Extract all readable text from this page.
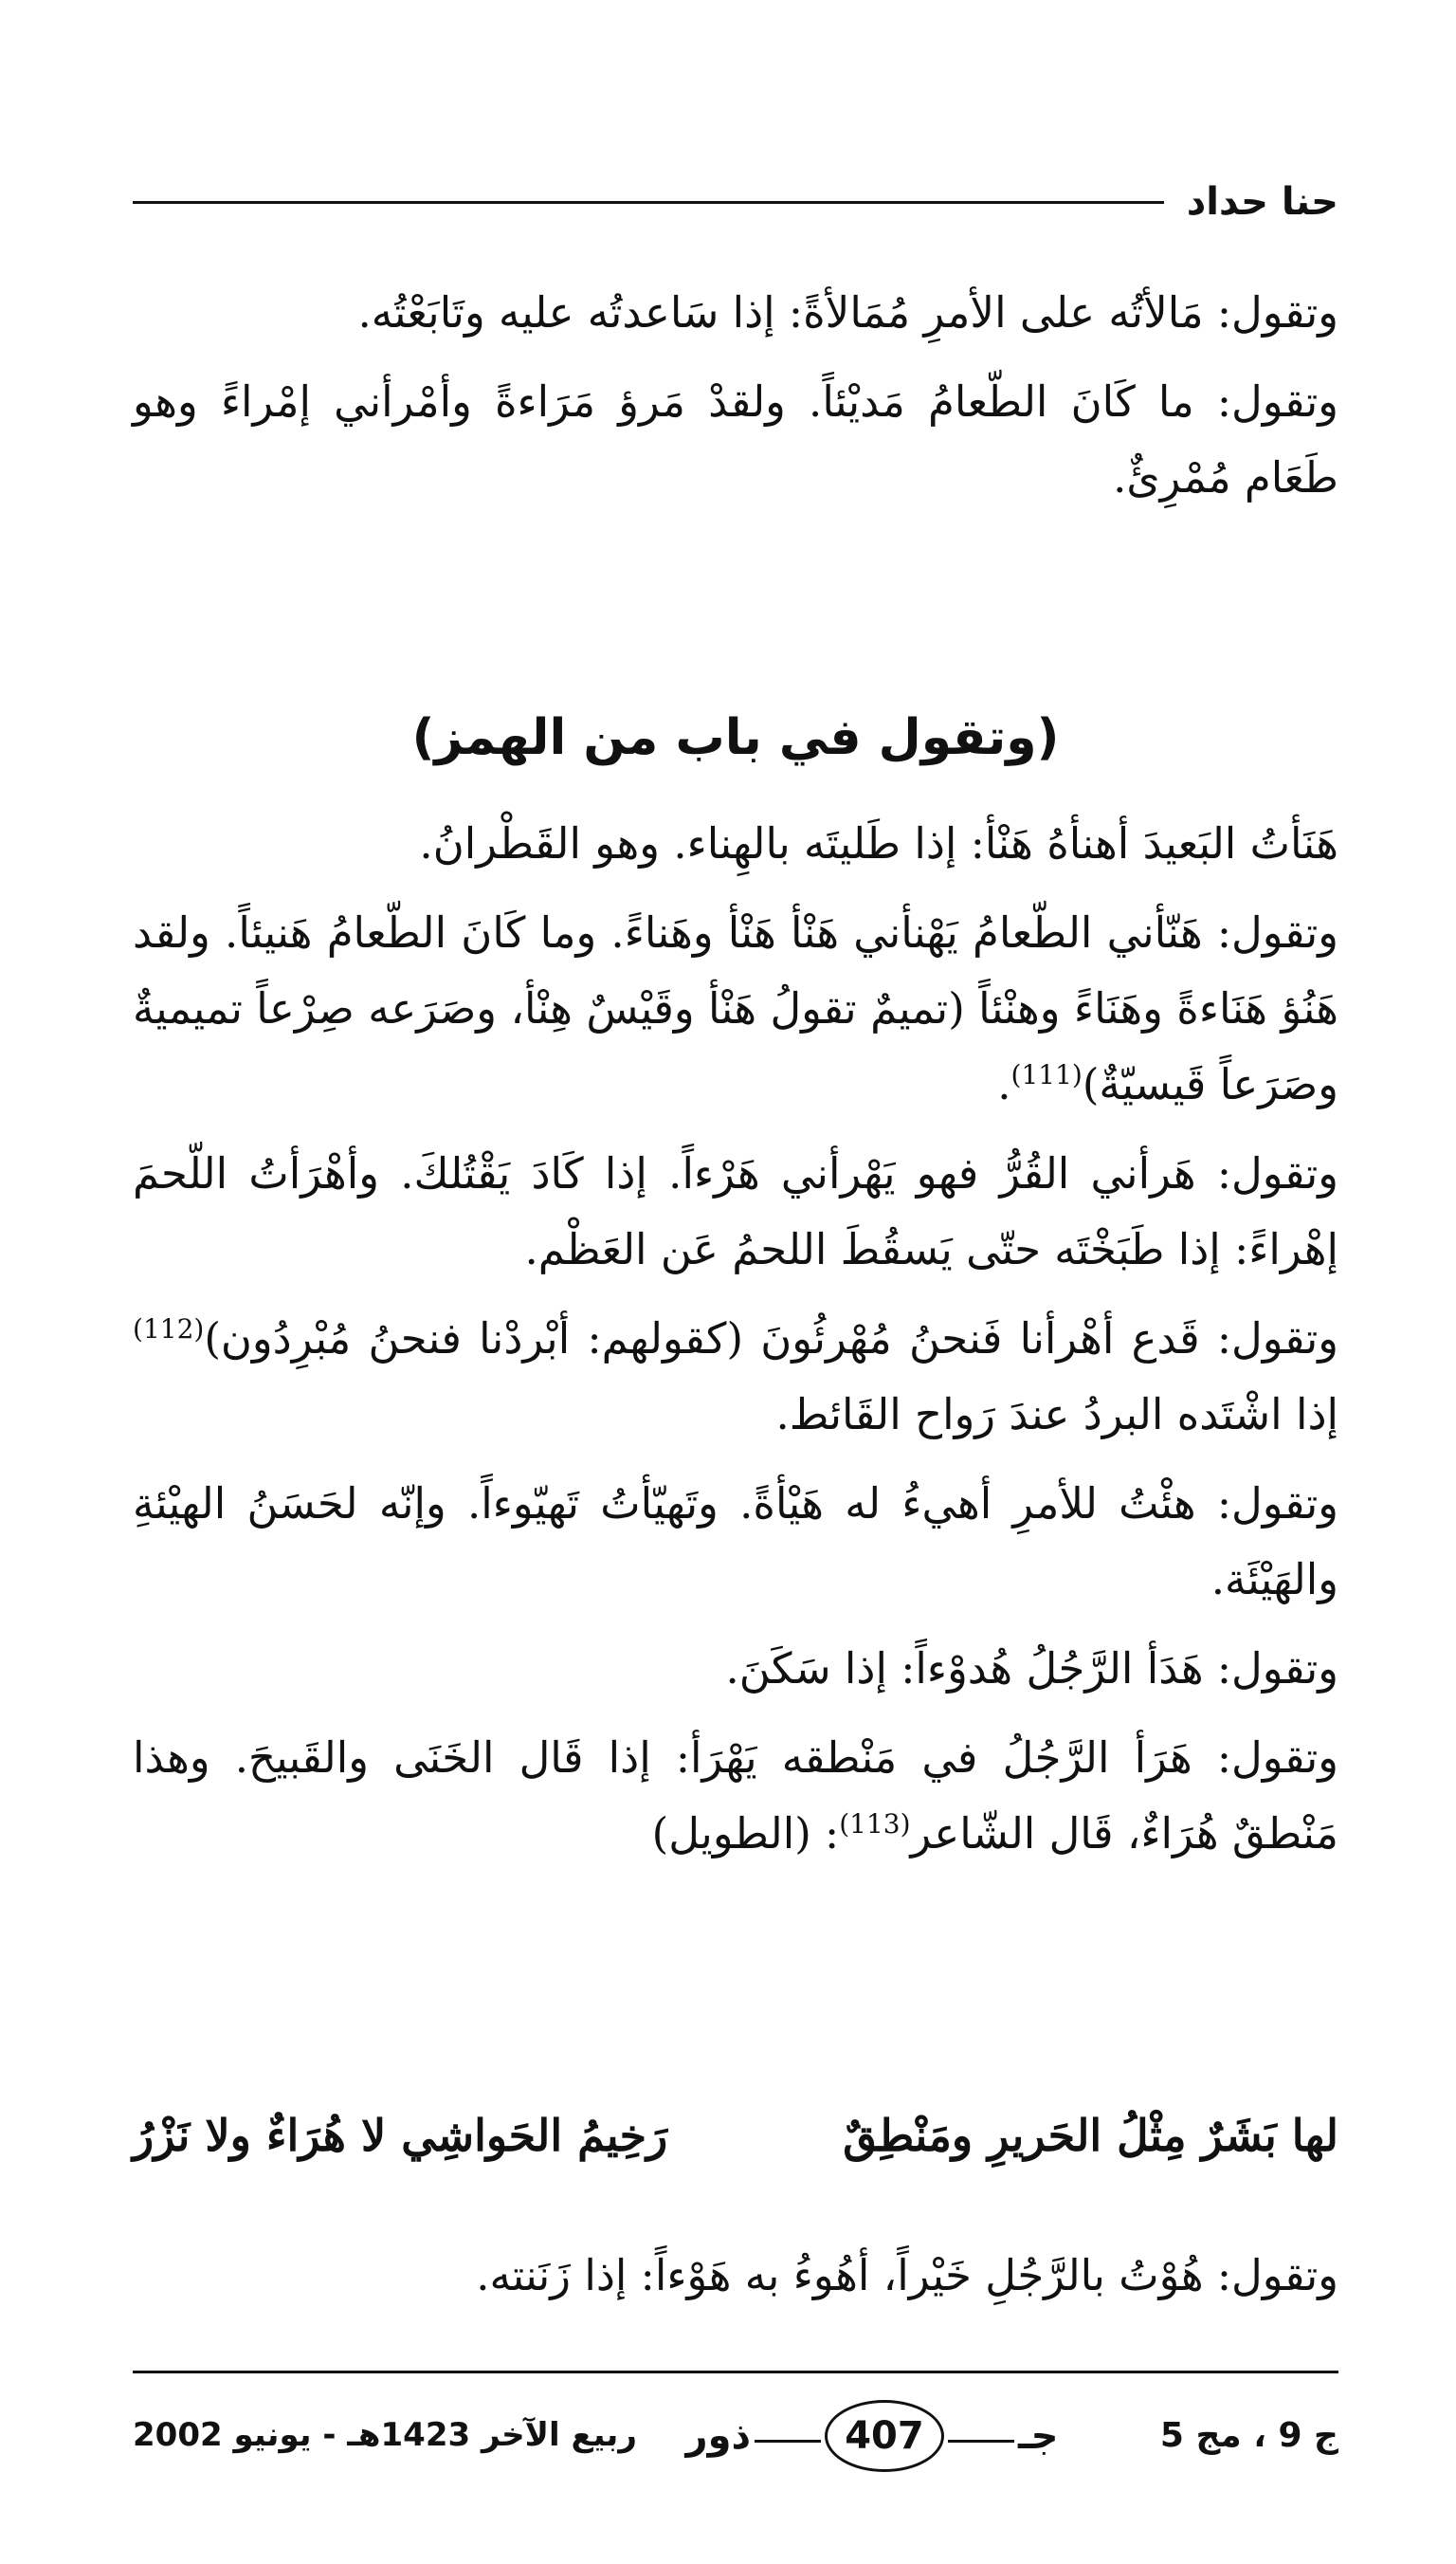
حنا حداد

وتقول: مَالأتُه على الأمرِ مُمَالأةً: إذا سَاعدتُه عليه وتَابَعْتُه.

وتقول: ما كَانَ الطّعامُ مَديْئاً. ولقدْ مَرؤ مَرَاءةً وأمْرأني إمْراءً وهو طَعَام مُمْرِئٌ.

(وتقول في باب من الهمز)

هَنَأتُ البَعيدَ أهنأهُ هَنْأ: إذا طَليتَه بالهِناء. وهو القَطْرانُ.

وتقول: هَنّأني الطّعامُ يَهْنأني هَنْأ هَنْأ وهَناءً. وما كَانَ الطّعامُ هَنيئاً. ولقد هَنُؤ هَنَاءةً وهَنَاءً وهنْئاً (تميمٌ تقولُ هَنْأ وقَيْسٌ هِنْأ، وصَرَعه صِرْعاً تميميةٌ وصَرَعاً قَيسيّةٌ)$^{(111)}$.

وتقول: هَرأني القُرُّ فهو يَهْرأني هَرْءاً. إذا كَادَ يَقْتُلكَ. وأهْرَأتُ اللّحمَ إهْراءً: إذا طَبَخْتَه حتّى يَسقُطَ اللحمُ عَن العَظْم.

وتقول: قَدع أهْرأنا فَنحنُ مُهْرئُونَ (كقولهم: أبْردْنا فنحنُ مُبْرِدُون)$^{(112)}$ إذا اشْتَده البردُ عندَ رَواح القَائط.

وتقول: هئْتُ للأمرِ أهيءُ له هَيْأةً. وتَهيّأتُ تَهيّوءاً. وإنّه لحَسَنُ الهيْئةِ والهَيْئَة.

وتقول: هَدَأ الرَّجُلُ هُدوْءاً: إذا سَكَنَ.

وتقول: هَرَأ الرَّجُلُ في مَنْطقه يَهْرَأ: إذا قَال الخَنَى والقَبيحَ. وهذا مَنْطقٌ هُرَاءٌ، قَال الشّاعر$^{(113)}$: (الطويل)

لها بَشَرٌ مِثْلُ الحَريرِ ومَنْطِقٌ
رَخِيمُ الحَواشِي لا هُرَاءٌ ولا نَزْرُ

وتقول: هُوْتُ بالرَّجُلِ خَيْراً، أهُوءُ به هَوْءاً: إذا زَنَنته.

ج 9 ، مج 5
جـ
407
ذور
ربيع الآخر 1423هـ - يونيو 2002
